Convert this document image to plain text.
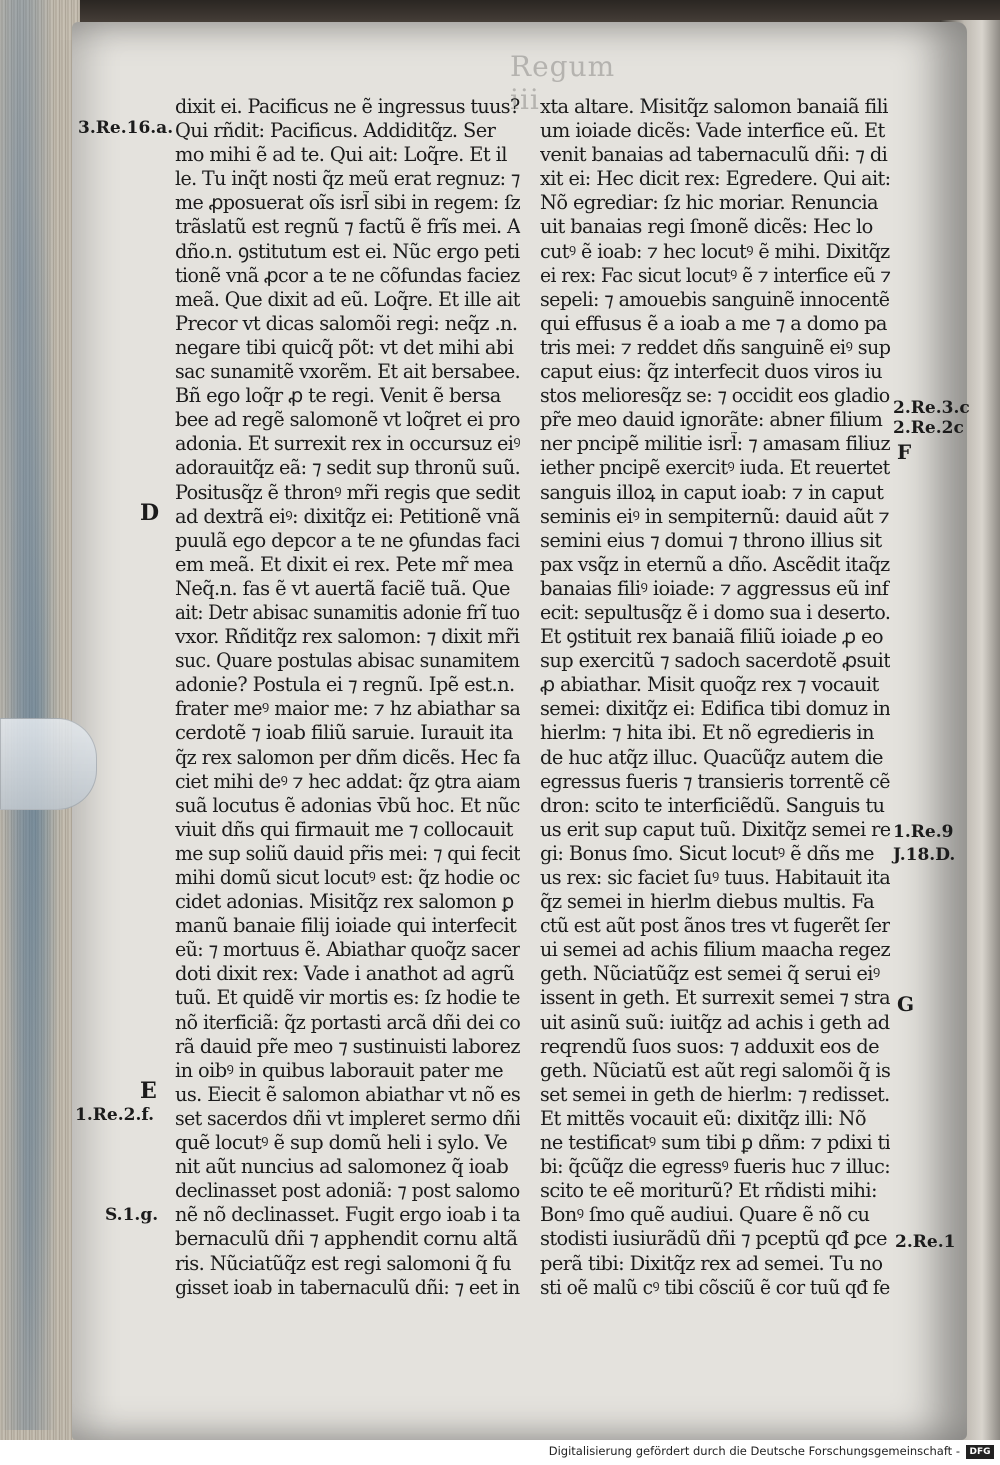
Regum iii
3.Re.16.a.
D
E
1.Re.2.f.
S.1.g.
2.Re.3.c
2.Re.2c
F
1.Re.9
J.18.D.
G
2.Re.1
dixit ei. Pacificus ne ẽ ingressus tuus?
Qui rñdit: Pacificus. Addiditq̃z. Ser
mo mihi ẽ ad te. Qui ait: Loq̃re. Et il
le. Tu inq̃t nosti q̃z meũ erat regnuz: ⁊
me ꝓposuerat oĩs isrl̃ sibi in regem: ſz
trãslatũ est regnũ ⁊ factũ ẽ frĩs mei. A
dño.n. ꝯstitutum est ei. Nũc ergo peti
tionẽ vnã ꝓcor a te ne cõfundas faciez
meã. Que dixit ad eũ. Loq̃re. Et ille ait
Precor vt dicas salomõi regi: neq̃z .n.
negare tibi quicq̃ põt: vt det mihi abi
sac sunamitẽ vxorẽm. Et ait bersabee.
Bñ ego loq̃r ꝓ te regi. Venit ẽ bersa
bee ad regẽ salomonẽ vt loq̃ret ei pro
adonia. Et surrexit rex in occursuz eiꝰ
adorauitq̃z eã: ⁊ sedit sup thronũ suũ.
Positusq̃z ẽ thronꝰ mr̃i regis que sedit
ad dextrã eiꝰ: dixitq̃z ei: Petitionẽ vnã
puulã ego depcor a te ne ꝯfundas faci
em meã. Et dixit ei rex. Pete mr̃ mea
Neq̃.n. fas ẽ vt auertã faciẽ tuã. Que
ait: Detr abisac sunamitis adonie frĩ tuo
vxor. Rñditq̃z rex salomon: ⁊ dixit mr̃i
suc. Quare postulas abisac sunamitem
adonie? Postula ei ⁊ regnũ. Ipẽ est.n.
frater meꝰ maior me: ⁊ hz abiathar sa
cerdotẽ ⁊ ioab filiũ saruie. Iurauit ita
q̃z rex salomon per dñm dicẽs. Hec fa
ciet mihi deꝰ ⁊ hec addat: q̃z ꝯtra aiam
suã locutus ẽ adonias v̄bũ hoc. Et nũc
viuit dñs qui firmauit me ⁊ collocauit
me sup soliũ dauid pr̃is mei: ⁊ qui fecit
mihi domũ sicut locutꝰ est: q̃z hodie oc
cidet adonias. Misitq̃z rex salomon ꝑ
manũ banaie filij ioiade qui interfecit
eũ: ⁊ mortuus ẽ. Abiathar quoq̃z sacer
doti dixit rex: Vade i anathot ad agrũ
tuũ. Et quidẽ vir mortis es: ſz hodie te
nõ iterficiã: q̃z portasti arcã dñi dei co
rã dauid pr̃e meo ⁊ sustinuisti laborez
in oibꝰ in quibus laborauit pater me
us. Eiecit ẽ salomon abiathar vt nõ es
set sacerdos dñi vt impleret sermo dñi
quẽ locutꝰ ẽ sup domũ heli i sylo. Ve
nit aũt nuncius ad salomonez q̃ ioab
declinasset post adoniã: ⁊ post salomo
nẽ nõ declinasset. Fugit ergo ioab i ta
bernaculũ dñi ⁊ apphendit cornu altã
ris. Nũciatũq̃z est regi salomoni q̃ fu
gisset ioab in tabernaculũ dñi: ⁊ eet in
xta altare. Misitq̃z salomon banaiã fili
um ioiade dicẽs: Vade interfice eũ. Et
venit banaias ad tabernaculũ dñi: ⁊ di
xit ei: Hec dicit rex: Egredere. Qui ait:
Nõ egrediar: ſz hic moriar. Renuncia
uit banaias regi ſmonẽ dicẽs: Hec lo
cutꝰ ẽ ioab: ⁊ hec locutꝰ ẽ mihi. Dixitq̃z
ei rex: Fac sicut locutꝰ ẽ ⁊ interfice eũ ⁊
sepeli: ⁊ amouebis sanguinẽ innocentẽ
qui effusus ẽ a ioab a me ⁊ a domo pa
tris mei: ⁊ reddet dñs sanguinẽ eiꝰ sup
caput eius: q̃z interfecit duos viros iu
stos melioresq̃z se: ⁊ occidit eos gladio
pr̃e meo dauid ignorãte: abner filium
ner pncipẽ militie isrl̃: ⁊ amasam filiuz
iether pncipẽ exercitꝰ iuda. Et reuertet
sanguis illoꝝ in caput ioab: ⁊ in caput
seminis eiꝰ in sempiternũ: dauid aũt ⁊
semini eius ⁊ domui ⁊ throno illius sit
pax vsq̃z in eternũ a dño. Ascẽdit itaq̃z
banaias filiꝰ ioiade: ⁊ aggressus eũ inf
ecit: sepultusq̃z ẽ i domo sua i deserto.
Et ꝯstituit rex banaiã filiũ ioiade ꝓ eo
sup exercitũ ⁊ sadoch sacerdotẽ ꝓsuit
ꝓ abiathar. Misit quoq̃z rex ⁊ vocauit
semei: dixitq̃z ei: Edifica tibi domuz in
hierlm: ⁊ hita ibi. Et nõ egredieris in
de huc atq̃z illuc. Quacũq̃z autem die
egressus fueris ⁊ transieris torrentẽ cẽ
dron: scito te interficiẽdũ. Sanguis tu
us erit sup caput tuũ. Dixitq̃z semei re
gi: Bonus ſmo. Sicut locutꝰ ẽ dñs me
us rex: sic faciet ſuꝰ tuus. Habitauit ita
q̃z semei in hierlm diebus multis. Fa
ctũ est aũt post ãnos tres vt fugerẽt ſer
ui semei ad achis filium maacha regez
geth. Nũciatũq̃z est semei q̃ serui eiꝰ
issent in geth. Et surrexit semei ⁊ stra
uit asinũ suũ: iuitq̃z ad achis i geth ad
reqrendũ ſuos suos: ⁊ adduxit eos de
geth. Nũciatũ est aũt regi salomõi q̃ is
set semei in geth de hierlm: ⁊ redisset.
Et mittẽs vocauit eũ: dixitq̃z illi: Nõ
ne testificatꝰ sum tibi ꝑ dñm: ⁊ pdixi ti
bi: q̃cũq̃z die egressꝰ fueris huc ⁊ illuc:
scito te eẽ moriturũ? Et rñdisti mihi:
Bonꝰ ſmo quẽ audiui. Quare ẽ nõ cu
stodisti iusiurãdũ dñi ⁊ pceptũ qđ ꝑce
perã tibi: Dixitq̃z rex ad semei. Tu no
sti oẽ malũ cꝰ tibi cõsciũ ẽ cor tuũ qđ fe
Digitalisierung gefördert durch die Deutsche Forschungsgemeinschaft -	DFG
